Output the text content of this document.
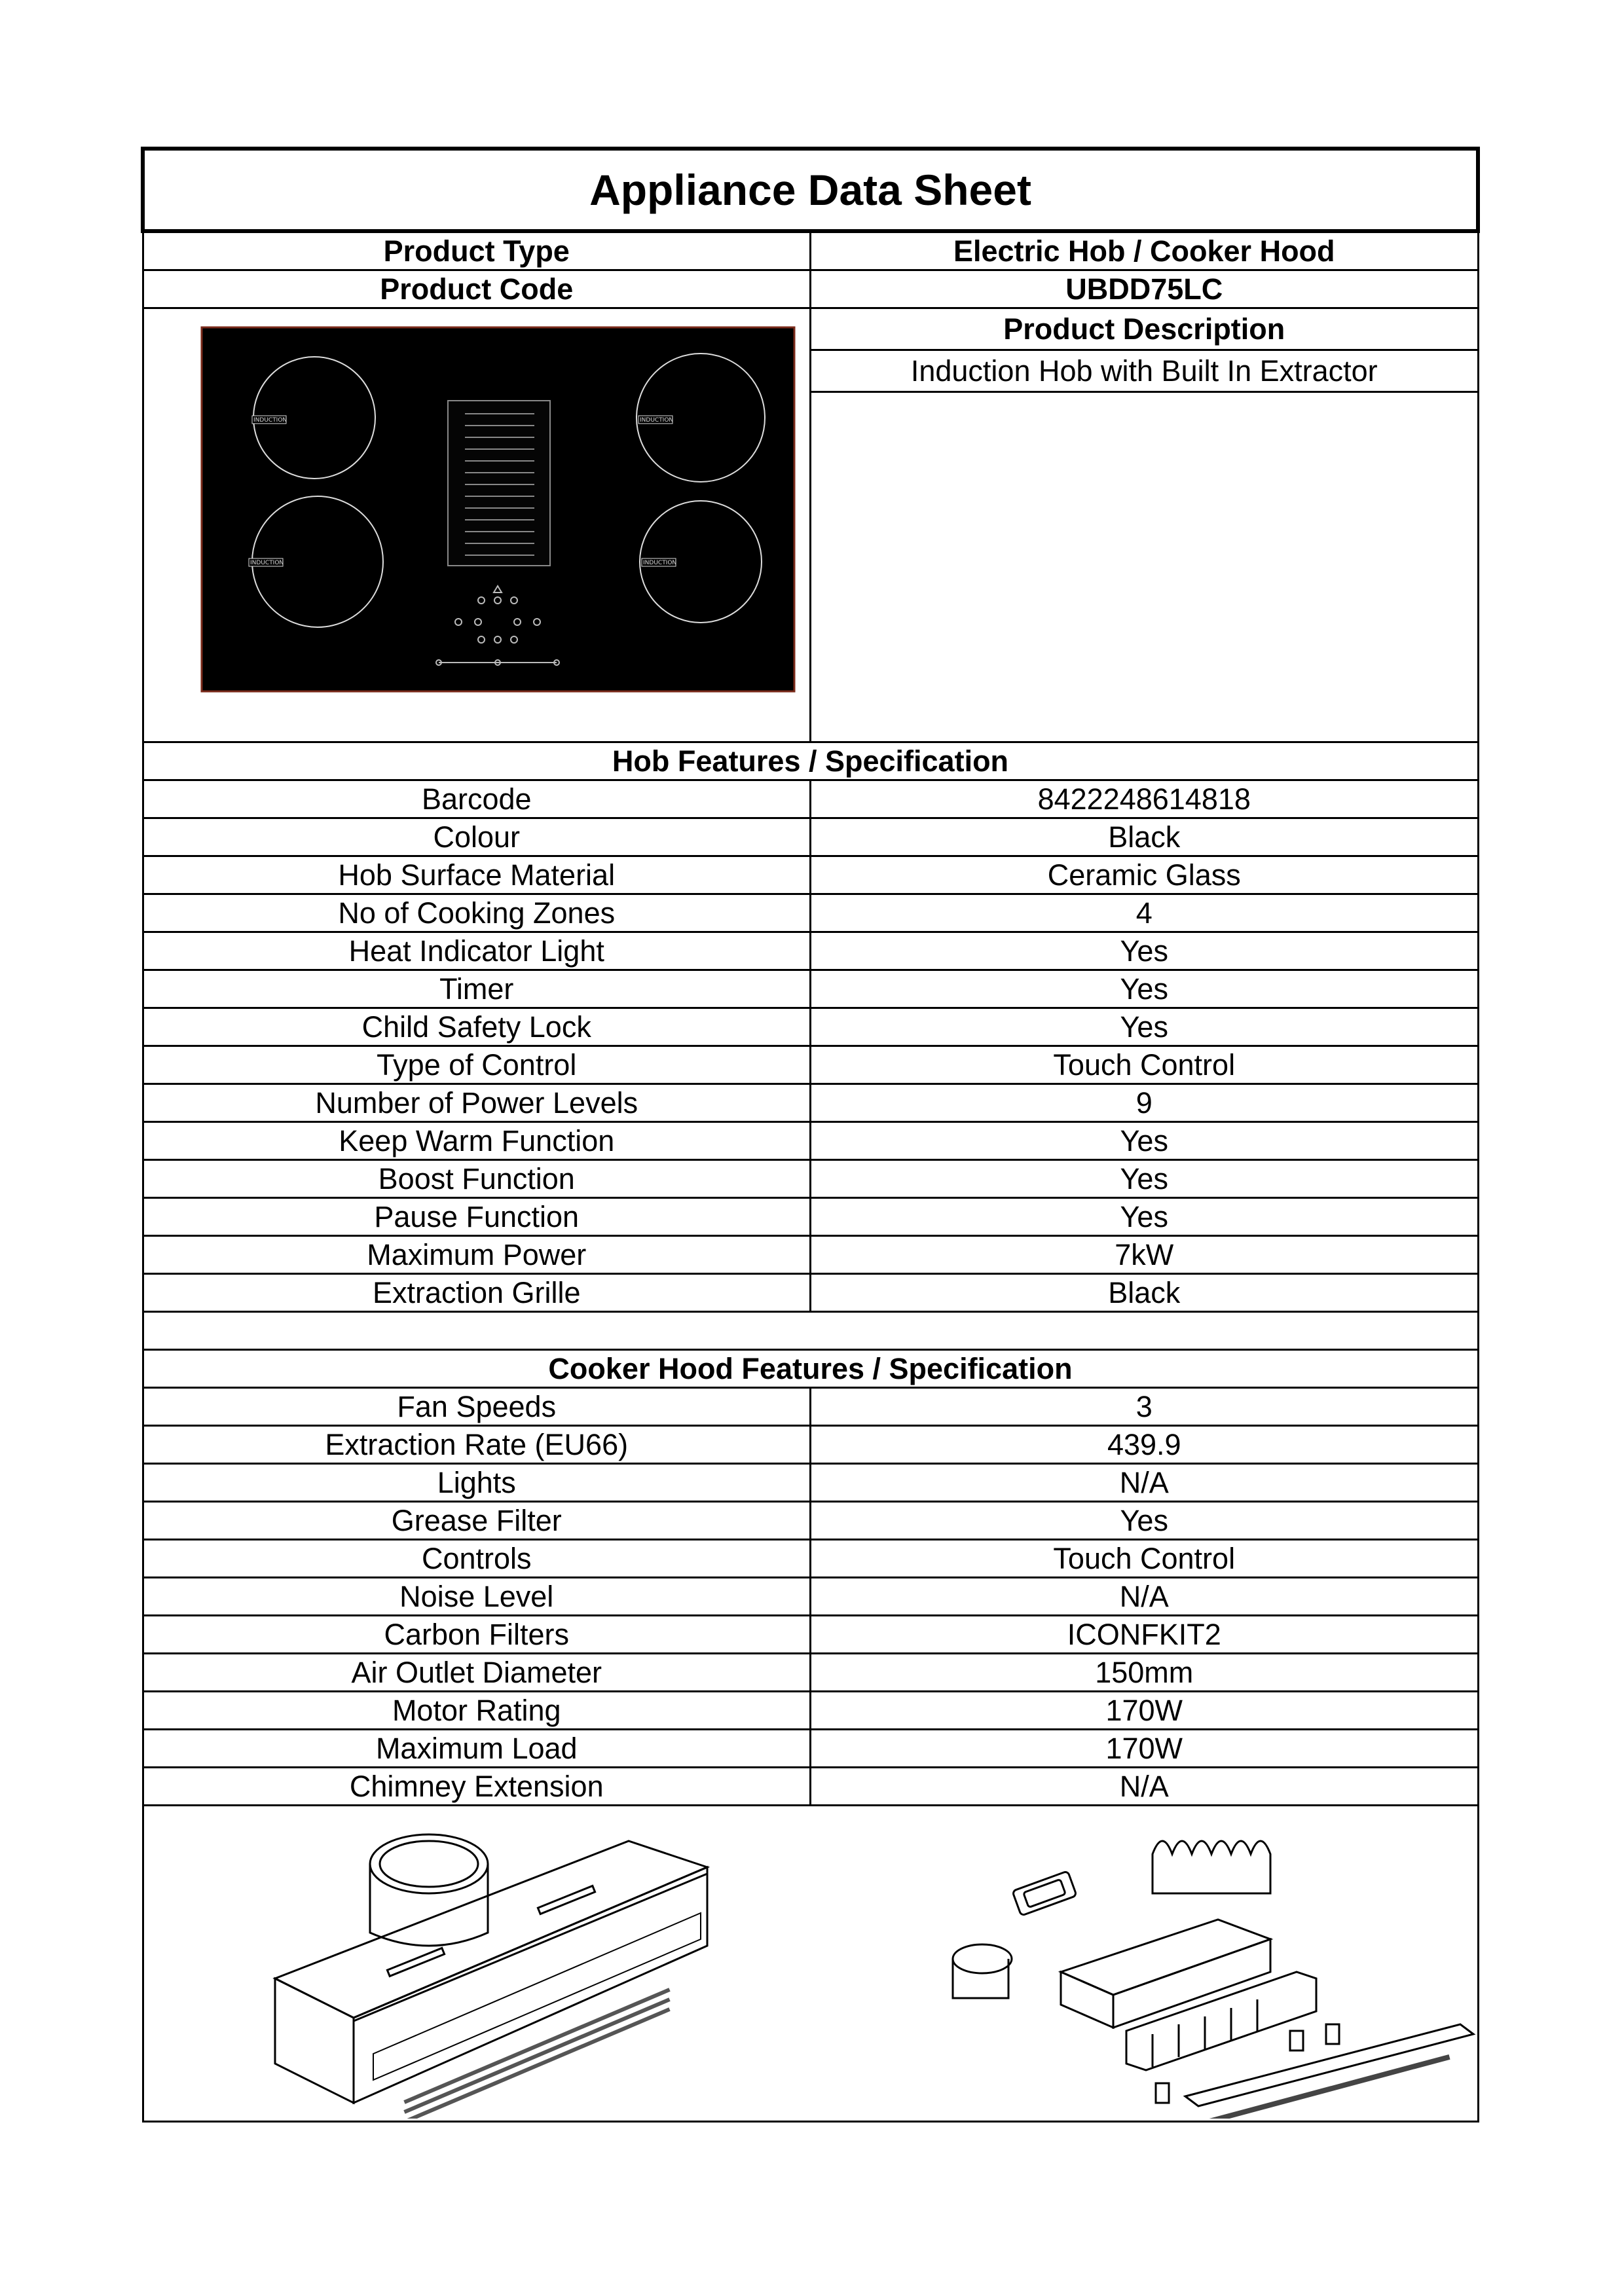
Appliance Data Sheet	
Product Type	Electric Hob / Cooker Hood
Product Code	UBDD75LC

INDUCTION INDUCTION
INDUCTION INDUCTION	Product Description
	Induction Hob with Built In Extractor

Hob Features / Specification	
Barcode	8422248614818
Colour	Black
Hob Surface Material	Ceramic Glass
No of Cooking Zones	4
Heat Indicator Light	Yes
Timer	Yes
Child Safety Lock	Yes
Type of Control	Touch Control
Number of Power Levels	9
Keep Warm Function	Yes
Boost Function	Yes
Pause Function	Yes
Maximum Power	7kW
Extraction Grille	Black

Cooker Hood Features / Specification	
Fan Speeds	3
Extraction Rate (EU66)	439.9
Lights	N/A
Grease Filter	Yes
Controls	Touch Control
Noise Level	N/A
Carbon Filters	ICONFKIT2
Air Outlet Diameter	150mm
Motor Rating	170W
Maximum Load	170W
Chimney Extension	N/A
